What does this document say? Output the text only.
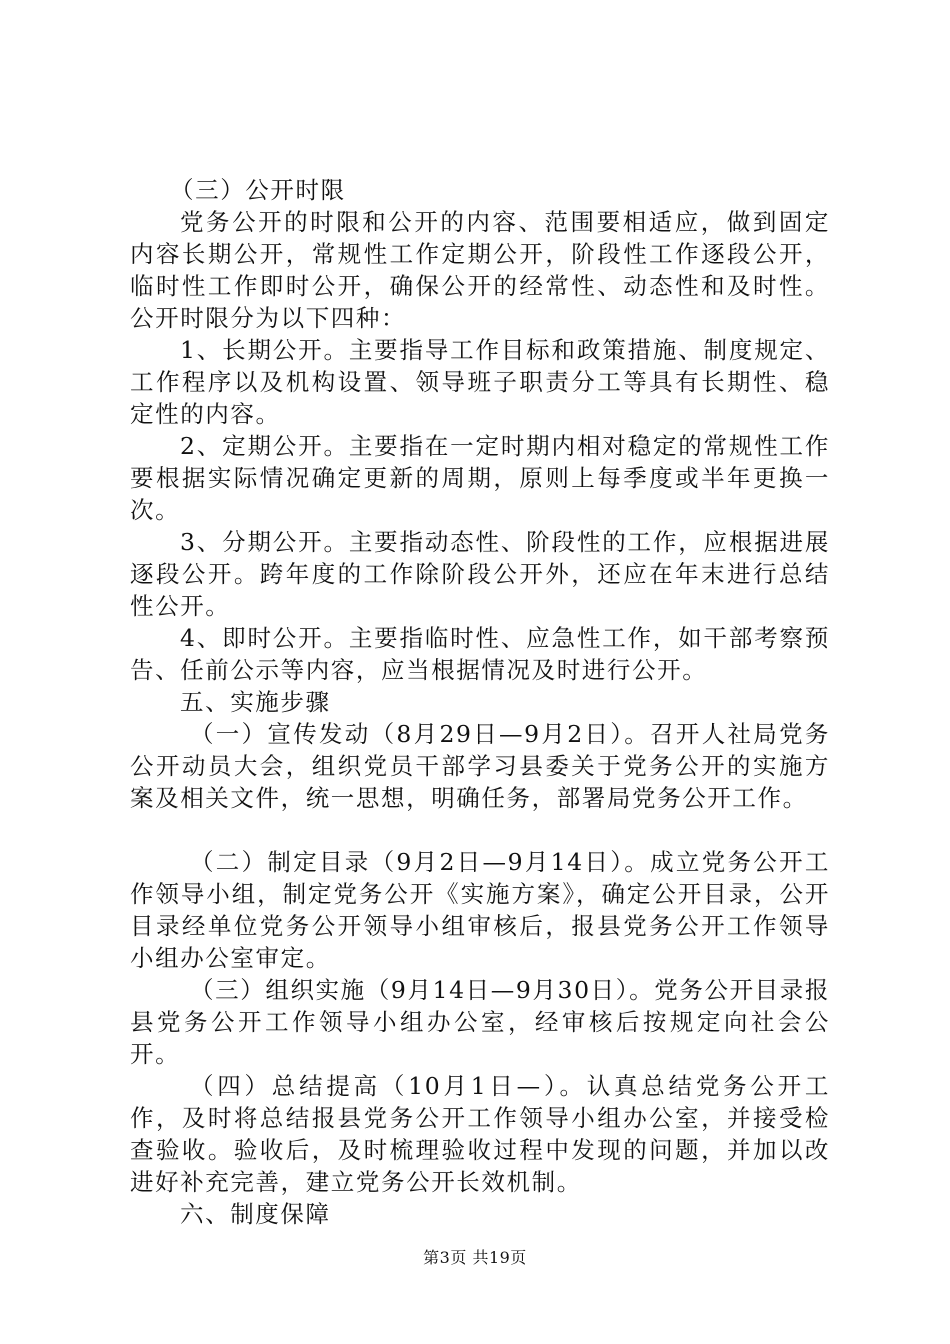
（三）公开时限

党务公开的时限和公开的内容、范围要相适应，做到固定内容长期公开，常规性工作定期公开，阶段性工作逐段公开，临时性工作即时公开，确保公开的经常性、动态性和及时性。公开时限分为以下四种：

1、长期公开。主要指导工作目标和政策措施、制度规定、工作程序以及机构设置、领导班子职责分工等具有长期性、稳定性的内容。

2、定期公开。主要指在一定时期内相对稳定的常规性工作要根据实际情况确定更新的周期，原则上每季度或半年更换一次。

3、分期公开。主要指动态性、阶段性的工作，应根据进展逐段公开。跨年度的工作除阶段公开外，还应在年末进行总结性公开。

4、即时公开。主要指临时性、应急性工作，如干部考察预告、任前公示等内容，应当根据情况及时进行公开。

五、实施步骤

（一）宣传发动（8月29日—9月2日）。召开人社局党务公开动员大会，组织党员干部学习县委关于党务公开的实施方案及相关文件，统一思想，明确任务，部署局党务公开工作。

（二）制定目录（9月2日—9月14日）。成立党务公开工作领导小组，制定党务公开《实施方案》，确定公开目录，公开目录经单位党务公开领导小组审核后，报县党务公开工作领导小组办公室审定。

（三）组织实施（9月14日—9月30日）。党务公开目录报县党务公开工作领导小组办公室，经审核后按规定向社会公开。

（四）总结提高（10月1日—）。认真总结党务公开工作，及时将总结报县党务公开工作领导小组办公室，并接受检查验收。验收后，及时梳理验收过程中发现的问题，并加以改进好补充完善，建立党务公开长效机制。

六、制度保障

第3页 共19页
